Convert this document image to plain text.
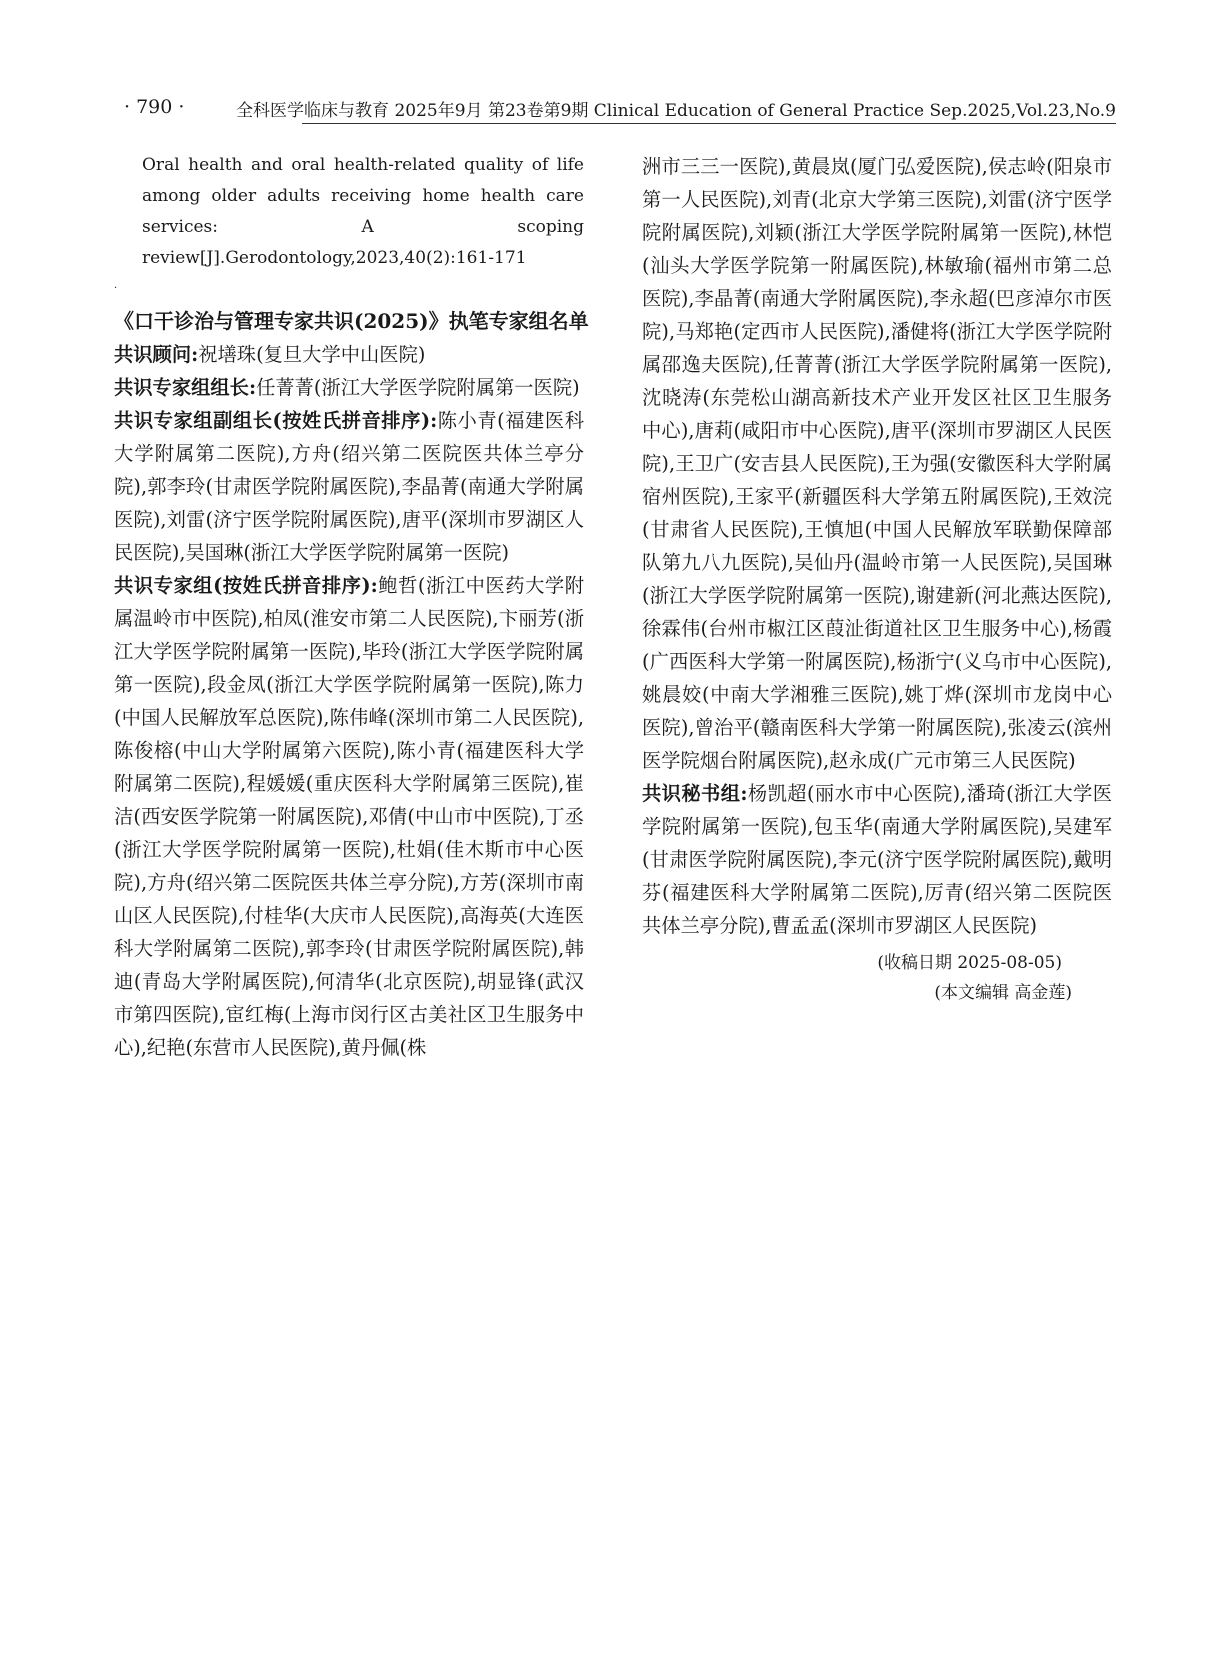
· 790 ·	全科医学临床与教育 2025年9月 第23卷第9期 Clinical Education of General Practice Sep.2025,Vol.23,No.9

Oral health and oral health-related quality of life among older adults receiving home health care services: A scoping review[J].Gerodontology,2023,40(2):161-171

·

《口干诊治与管理专家共识(2025)》执笔专家组名单

共识顾问:祝墡珠(复旦大学中山医院)

共识专家组组长:任菁菁(浙江大学医学院附属第一医院)

共识专家组副组长(按姓氏拼音排序):陈小青(福建医科大学附属第二医院),方舟(绍兴第二医院医共体兰亭分院),郭李玲(甘肃医学院附属医院),李晶菁(南通大学附属医院),刘雷(济宁医学院附属医院),唐平(深圳市罗湖区人民医院),吴国琳(浙江大学医学院附属第一医院)

共识专家组(按姓氏拼音排序):鲍哲(浙江中医药大学附属温岭市中医院),柏凤(淮安市第二人民医院),卞丽芳(浙江大学医学院附属第一医院),毕玲(浙江大学医学院附属第一医院),段金凤(浙江大学医学院附属第一医院),陈力(中国人民解放军总医院),陈伟峰(深圳市第二人民医院),陈俊榕(中山大学附属第六医院),陈小青(福建医科大学附属第二医院),程媛媛(重庆医科大学附属第三医院),崔洁(西安医学院第一附属医院),邓倩(中山市中医院),丁丞(浙江大学医学院附属第一医院),杜娟(佳木斯市中心医院),方舟(绍兴第二医院医共体兰亭分院),方芳(深圳市南山区人民医院),付桂华(大庆市人民医院),高海英(大连医科大学附属第二医院),郭李玲(甘肃医学院附属医院),韩迪(青岛大学附属医院),何清华(北京医院),胡显锋(武汉市第四医院),宦红梅(上海市闵行区古美社区卫生服务中心),纪艳(东营市人民医院),黄丹佩(株

洲市三三一医院),黄晨岚(厦门弘爱医院),侯志岭(阳泉市第一人民医院),刘青(北京大学第三医院),刘雷(济宁医学院附属医院),刘颖(浙江大学医学院附属第一医院),林恺(汕头大学医学院第一附属医院),林敏瑜(福州市第二总医院),李晶菁(南通大学附属医院),李永超(巴彦淖尔市医院),马郑艳(定西市人民医院),潘健将(浙江大学医学院附属邵逸夫医院),任菁菁(浙江大学医学院附属第一医院),沈晓涛(东莞松山湖高新技术产业开发区社区卫生服务中心),唐莉(咸阳市中心医院),唐平(深圳市罗湖区人民医院),王卫广(安吉县人民医院),王为强(安徽医科大学附属宿州医院),王家平(新疆医科大学第五附属医院),王效浣(甘肃省人民医院),王慎旭(中国人民解放军联勤保障部队第九八九医院),吴仙丹(温岭市第一人民医院),吴国琳(浙江大学医学院附属第一医院),谢建新(河北燕达医院),徐霖伟(台州市椒江区葭沚街道社区卫生服务中心),杨霞(广西医科大学第一附属医院),杨浙宁(义乌市中心医院),姚晨姣(中南大学湘雅三医院),姚丁烨(深圳市龙岗中心医院),曾治平(赣南医科大学第一附属医院),张凌云(滨州医学院烟台附属医院),赵永成(广元市第三人民医院)

共识秘书组:杨凯超(丽水市中心医院),潘琦(浙江大学医学院附属第一医院),包玉华(南通大学附属医院),吴建军(甘肃医学院附属医院),李元(济宁医学院附属医院),戴明芬(福建医科大学附属第二医院),厉青(绍兴第二医院医共体兰亭分院),曹孟孟(深圳市罗湖区人民医院)

(收稿日期 2025-08-05)

(本文编辑 高金莲)
